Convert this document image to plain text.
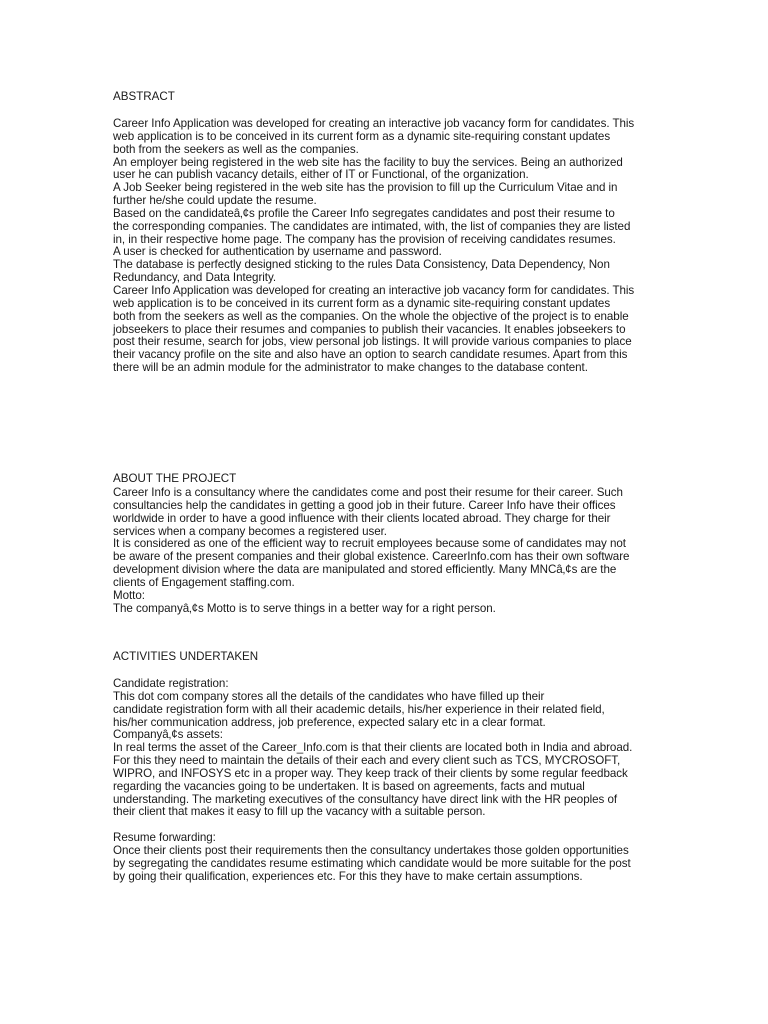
ABSTRACT
Career Info Application was developed for creating an interactive job vacancy form for candidates. This
web application is to be conceived in its current form as a dynamic site-requiring constant updates
both from the seekers as well as the companies.
An employer being registered in the web site has the facility to buy the services. Being an authorized
user he can publish vacancy details, either of IT or Functional, of the organization.
A Job Seeker being registered in the web site has the provision to fill up the Curriculum Vitae and in
further he/she could update the resume.
Based on the candidateâ‚¢s profile the Career Info segregates candidates and post their resume to
the corresponding companies. The candidates are intimated, with, the list of companies they are listed
in, in their respective home page. The company has the provision of receiving candidates resumes.
A user is checked for authentication by username and password.
The database is perfectly designed sticking to the rules Data Consistency, Data Dependency, Non
Redundancy, and Data Integrity.
Career Info Application was developed for creating an interactive job vacancy form for candidates. This
web application is to be conceived in its current form as a dynamic site-requiring constant updates
both from the seekers as well as the companies. On the whole the objective of the project is to enable
jobseekers to place their resumes and companies to publish their vacancies. It enables jobseekers to
post their resume, search for jobs, view personal job listings. It will provide various companies to place
their vacancy profile on the site and also have an option to search candidate resumes. Apart from this
there will be an admin module for the administrator to make changes to the database content.
ABOUT THE PROJECT
Career Info is a consultancy where the candidates come and post their resume for their career. Such
consultancies help the candidates in getting a good job in their future. Career Info have their offices
worldwide in order to have a good influence with their clients located abroad. They charge for their
services when a company becomes a registered user.
It is considered as one of the efficient way to recruit employees because some of candidates may not
be aware of the present companies and their global existence. CareerInfo.com has their own software
development division where the data are manipulated and stored efficiently. Many MNCâ‚¢s are the
clients of Engagement staffing.com.
Motto:
The companyâ‚¢s Motto is to serve things in a better way for a right person.
ACTIVITIES UNDERTAKEN
Candidate registration:
This dot com company stores all the details of the candidates who have filled up their
candidate registration form with all their academic details, his/her experience in their related field,
his/her communication address, job preference, expected salary etc in a clear format.
Companyâ‚¢s assets:
In real terms the asset of the Career_Info.com is that their clients are located both in India and abroad.
For this they need to maintain the details of their each and every client such as TCS, MYCROSOFT,
WIPRO, and INFOSYS etc in a proper way. They keep track of their clients by some regular feedback
regarding the vacancies going to be undertaken. It is based on agreements, facts and mutual
understanding. The marketing executives of the consultancy have direct link with the HR peoples of
their client that makes it easy to fill up the vacancy with a suitable person.
Resume forwarding:
Once their clients post their requirements then the consultancy undertakes those golden opportunities
by segregating the candidates resume estimating which candidate would be more suitable for the post
by going their qualification, experiences etc. For this they have to make certain assumptions.
